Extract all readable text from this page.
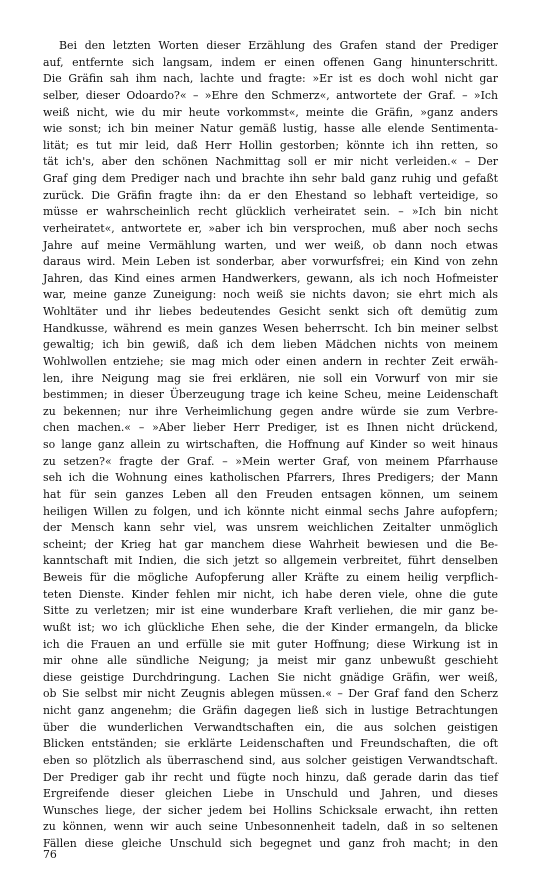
Bei den letzten Worten dieser Erzählung des Grafen stand der Prediger
auf, entfernte sich langsam, indem er einen offenen Gang hinunterschritt.
Die Gräfin sah ihm nach, lachte und fragte: »Er ist es doch wohl nicht gar
selber, dieser Odoardo?« – »Ehre den Schmerz«, antwortete der Graf. – »Ich
weiß nicht, wie du mir heute vorkommst«, meinte die Gräfin, »ganz anders
wie sonst; ich bin meiner Natur gemäß lustig, hasse alle elende Sentimenta-
lität; es tut mir leid, daß Herr Hollin gestorben; könnte ich ihn retten, so
tät ich's, aber den schönen Nachmittag soll er mir nicht verleiden.« – Der
Graf ging dem Prediger nach und brachte ihn sehr bald ganz ruhig und gefaßt
zurück. Die Gräfin fragte ihn: da er den Ehestand so lebhaft verteidige, so
müsse er wahrscheinlich recht glücklich verheiratet sein. – »Ich bin nicht
verheiratet«, antwortete er, »aber ich bin versprochen, muß aber noch sechs
Jahre auf meine Vermählung warten, und wer weiß, ob dann noch etwas
daraus wird. Mein Leben ist sonderbar, aber vorwurfsfrei; ein Kind von zehn
Jahren, das Kind eines armen Handwerkers, gewann, als ich noch Hofmeister
war, meine ganze Zuneigung: noch weiß sie nichts davon; sie ehrt mich als
Wohltäter und ihr liebes bedeutendes Gesicht senkt sich oft demütig zum
Handkusse, während es mein ganzes Wesen beherrscht. Ich bin meiner selbst
gewaltig; ich bin gewiß, daß ich dem lieben Mädchen nichts von meinem
Wohlwollen entziehe; sie mag mich oder einen andern in rechter Zeit erwäh-
len, ihre Neigung mag sie frei erklären, nie soll ein Vorwurf von mir sie
bestimmen; in dieser Überzeugung trage ich keine Scheu, meine Leidenschaft
zu bekennen; nur ihre Verheimlichung gegen andre würde sie zum Verbre-
chen machen.« – »Aber lieber Herr Prediger, ist es Ihnen nicht drückend,
so lange ganz allein zu wirtschaften, die Hoffnung auf Kinder so weit hinaus
zu setzen?« fragte der Graf. – »Mein werter Graf, von meinem Pfarrhause
seh ich die Wohnung eines katholischen Pfarrers, Ihres Predigers; der Mann
hat für sein ganzes Leben all den Freuden entsagen können, um seinem
heiligen Willen zu folgen, und ich könnte nicht einmal sechs Jahre aufopfern;
der Mensch kann sehr viel, was unsrem weichlichen Zeitalter unmöglich
scheint; der Krieg hat gar manchem diese Wahrheit bewiesen und die Be-
kanntschaft mit Indien, die sich jetzt so allgemein verbreitet, führt denselben
Beweis für die mögliche Aufopferung aller Kräfte zu einem heilig verpflich-
teten Dienste. Kinder fehlen mir nicht, ich habe deren viele, ohne die gute
Sitte zu verletzen; mir ist eine wunderbare Kraft verliehen, die mir ganz be-
wußt ist; wo ich glückliche Ehen sehe, die der Kinder ermangeln, da blicke
ich die Frauen an und erfülle sie mit guter Hoffnung; diese Wirkung ist in
mir ohne alle sündliche Neigung; ja meist mir ganz unbewußt geschieht
diese geistige Durchdringung. Lachen Sie nicht gnädige Gräfin, wer weiß,
ob Sie selbst mir nicht Zeugnis ablegen müssen.« – Der Graf fand den Scherz
nicht ganz angenehm; die Gräfin dagegen ließ sich in lustige Betrachtungen
über die wunderlichen Verwandtschaften ein, die aus solchen geistigen
Blicken entständen; sie erklärte Leidenschaften und Freundschaften, die oft
eben so plötzlich als überraschend sind, aus solcher geistigen Verwandtschaft.
Der Prediger gab ihr recht und fügte noch hinzu, daß gerade darin das tief
Ergreifende dieser gleichen Liebe in Unschuld und Jahren, und dieses
Wunsches liege, der sicher jedem bei Hollins Schicksale erwacht, ihn retten
zu können, wenn wir auch seine Unbesonnenheit tadeln, daß in so seltenen
Fällen diese gleiche Unschuld sich begegnet und ganz froh macht; in den
76
